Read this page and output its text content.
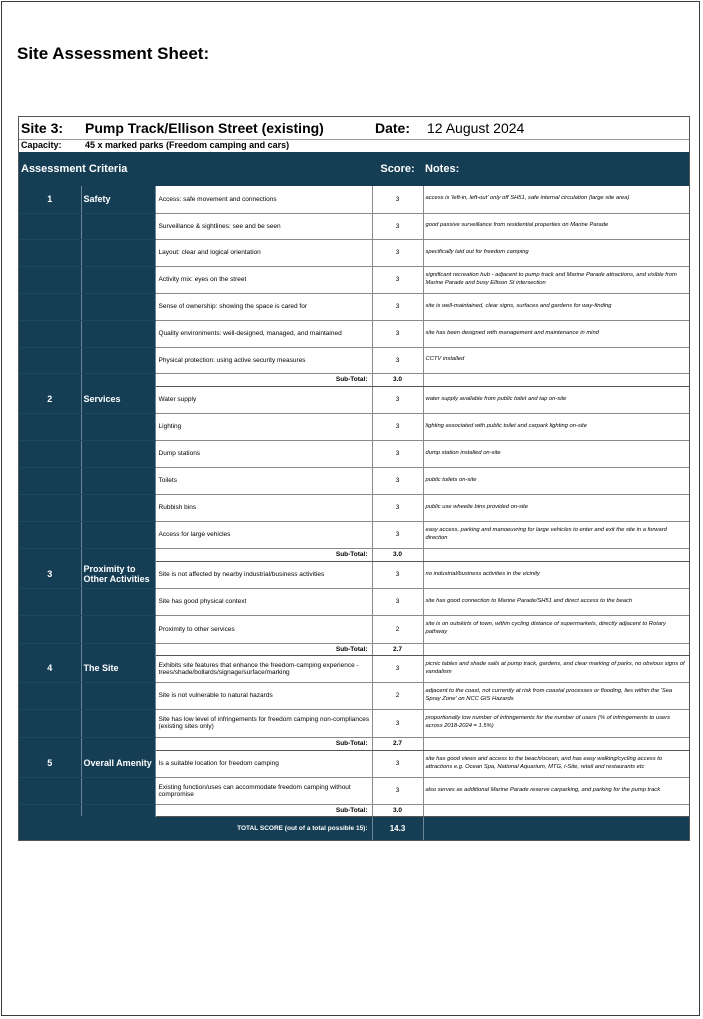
Site Assessment Sheet:
Site 3: Pump Track/Ellison Street (existing)	Date: 12 August 2024
Capacity:	45 x marked parks (Freedom camping and cars)
Assessment Criteria			Score:	Notes:
1	Safety	Access: safe movement and connections	3	access is 'left-in, left-out' only off SH51, safe internal circulation (large site area)
		Surveillance & sightlines: see and be seen	3	good passive surveillance from residential properties on Marine Parade
		Layout: clear and logical orientation	3	specifically laid out for freedom camping
		Activity mix: eyes on the street	3	significant recreation hub - adjacent to pump track and Marine Parade attractions, and visible from Marine Parade and busy Ellison St intersection
		Sense of ownership: showing the space is cared for	3	site is well-maintained, clear signs, surfaces and gardens for way-finding
		Quality environments: well-designed, managed, and maintained	3	site has been designed with management and maintenance in mind
		Physical protection: using active security measures	3	CCTV installed
		Sub-Total:	3.0	
2	Services	Water supply	3	water supply available from public toilet and tap on-site
		Lighting	3	lighting associated with public toilet and carpark lighting on-site
		Dump stations	3	dump station installed on-site
		Toilets	3	public toilets on-site
		Rubbish bins	3	public use wheelie bins provided on-site
		Access for large vehicles	3	easy access, parking and manoeuvring for large vehicles to enter and exit the site in a forward direction
		Sub-Total:	3.0	
3	Proximity to Other Activities	Site is not affected by nearby industrial/business activities	3	no industrial/business activities in the vicinity
		Site has good physical context	3	site has good connection to Marine Parade/SH51 and direct access to the beach
		Proximity to other services	2	site is on outskirts of town, within cycling distance of supermarkets, directly adjacent to Rotary pathway
		Sub-Total:	2.7	
4	The Site	Exhibits site features that enhance the freedom-camping experience - trees/shade/bollards/signage/surface/marking	3	picnic tables and shade sails at pump track, gardens, and clear marking of parks, no obvious signs of vandalism
		Site is not vulnerable to natural hazards	2	adjacent to the coast, not currently at risk from coastal processes or flooding, lies within the 'Sea Spray Zone' on NCC GIS Hazards
		Site has low level of infringements for freedom camping non-compliances (existing sites only)	3	proportionally low number of infringements for the number of users (% of infringements to users across 2018-2024 = 1.5%)
		Sub-Total:	2.7	
5	Overall Amenity	Is a suitable location for freedom camping	3	site has good views and access to the beach/ocean, and has easy walking/cycling access to attractions e.g. Ocean Spa, National Aquarium, MTG, i-Site, retail and restaurants etc
		Existing function/uses can accommodate freedom camping without compromise	3	also serves as additional Marine Parade reserve carparking, and parking for the pump track
		Sub-Total:	3.0	
		TOTAL SCORE (out of a total possible 15):	14.3	
